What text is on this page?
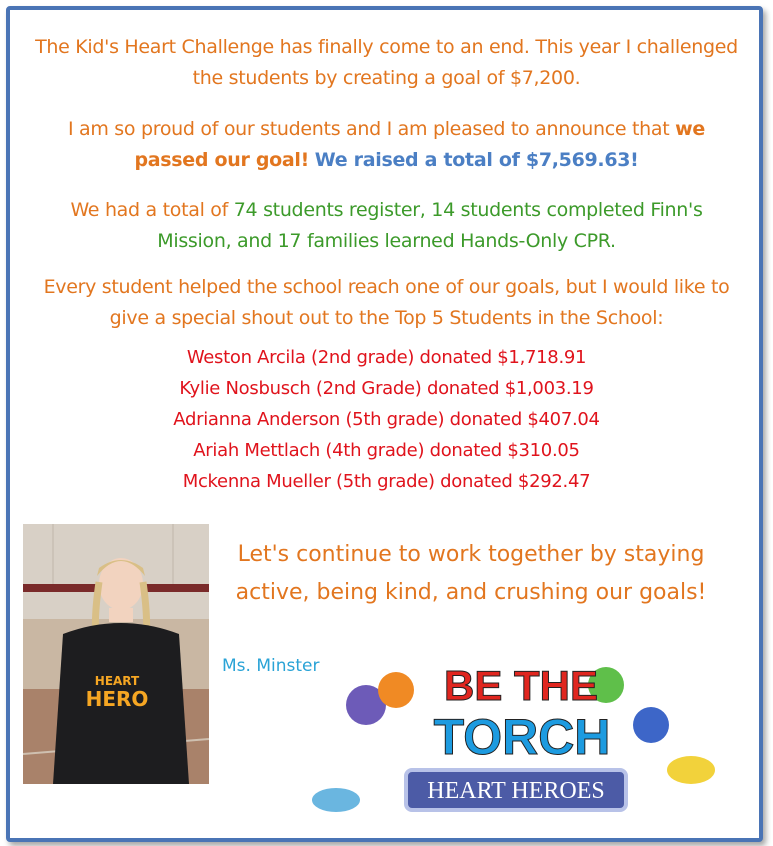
The Kid's Heart Challenge has finally come to an end. This year I challenged
the students by creating a goal of $7,200.
I am so proud of our students and I am pleased to announce that we
passed our goal! We raised a total of $7,569.63!
We had a total of 74 students register, 14 students completed Finn's
Mission, and 17 families learned Hands-Only CPR.
Every student helped the school reach one of our goals, but I would like to
give a special shout out to the Top 5 Students in the School:
Weston Arcila (2nd grade) donated $1,718.91
Kylie Nosbusch (2nd Grade) donated $1,003.19
Adrianna Anderson (5th grade) donated $407.04
Ariah Mettlach (4th grade) donated $310.05
Mckenna Mueller (5th grade) donated $292.47
HEART
HERO
Let's continue to work together by staying
active, being kind, and crushing our goals!
Ms. Minster	BE THE
TORCH
HEART HEROES
